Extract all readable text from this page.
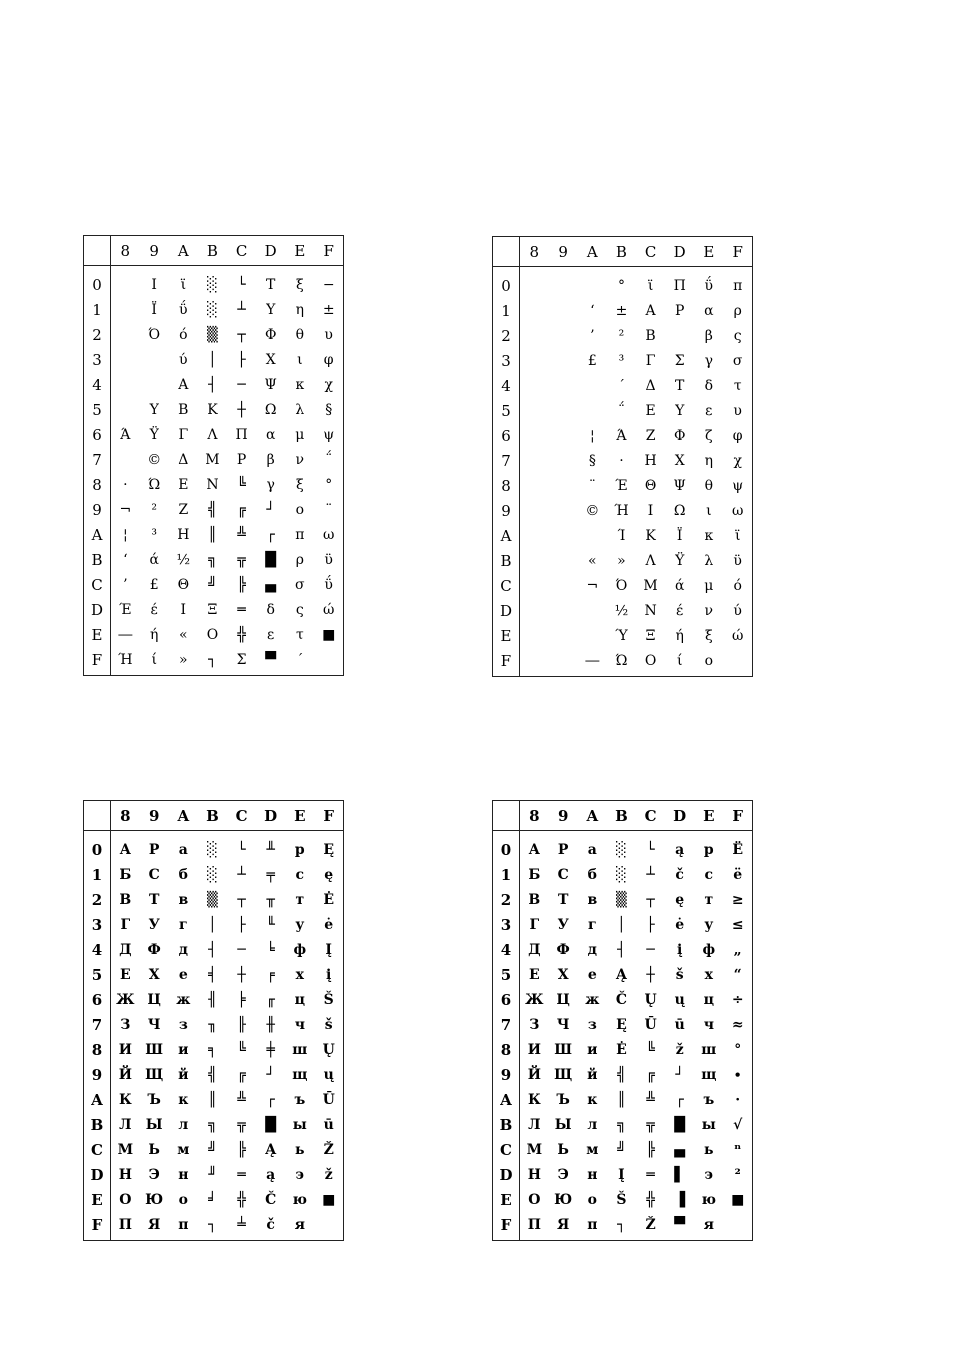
	8	9	A	B	C	D	E	F
0		Ι	ϊ	░	└	Τ	ξ	−
1		Ϊ	ΰ	░	┴	Υ	η	±
2		Ό	ό	▒	┬	Φ	θ	υ
3			ύ	│	├	Χ	ι	φ
4			Α	┤	─	Ψ	κ	χ
5		Υ	Β	Κ	┼	Ω	λ	§
6	Ά	Ϋ	Γ	Λ	Π	α	μ	ψ
7		©	Δ	Μ	Ρ	β	ν	΅
8	·	Ώ	Ε	Ν	╚	γ	ξ	°
9	¬	²	Ζ	╣	╔	┘	ο	¨
A	¦	³	Η	║	╩	┌	π	ω
B	‘	ά	½	╗	╦	█	ρ	ϋ
C	’	£	Θ	╝	╠	▄	σ	ΰ
D	Έ	έ	Ι	Ξ	═	δ	ς	ώ
E	―	ή	«	Ο	╬	ε	τ	■
F	Ή	ί	»	┐	Σ	▀	΄	
	8	9	A	B	C	D	E	F
0				°	ϊ	Π	ΰ	π
1			‘	±	Α	Ρ	α	ρ
2			’	²	Β		β	ς
3			£	³	Γ	Σ	γ	σ
4				΄	Δ	Τ	δ	τ
5				΅	Ε	Υ	ε	υ
6			¦	Ά	Ζ	Φ	ζ	φ
7			§	·	Η	Χ	η	χ
8			¨	Έ	Θ	Ψ	θ	ψ
9			©	Ή	Ι	Ω	ι	ω
A				Ί	Κ	Ϊ	κ	ϊ
B			«	»	Λ	Ϋ	λ	ϋ
C			¬	Ό	Μ	ά	μ	ό
D				½	Ν	έ	ν	ύ
E				Ύ	Ξ	ή	ξ	ώ
F			―	Ώ	Ο	ί	ο	
	8	9	A	B	C	D	E	F
0	А	Р	а	░	└	╨	р	Ę
1	Б	С	б	░	┴	╤	с	ę
2	В	Т	в	▒	┬	╥	т	Ė
3	Г	У	г	│	├	╙	у	ė
4	Д	Ф	д	┤	─	╘	ф	Į
5	Е	Х	е	╡	┼	╒	х	į
6	Ж	Ц	ж	╢	╞	╓	ц	Š
7	З	Ч	з	╖	╟	╫	ч	š
8	И	Ш	и	╕	╚	╪	ш	Ų
9	Й	Щ	й	╣	╔	┘	щ	ų
A	К	Ъ	к	║	╩	┌	ъ	Ū
B	Л	Ы	л	╗	╦	█	ы	ū
C	М	Ь	м	╝	╠	Ą	ь	Ž
D	Н	Э	н	╜	═	ą	э	ž
E	О	Ю	о	╛	╬	Č	ю	■
F	П	Я	п	┐	╧	č	я	
	8	9	A	B	C	D	E	F
0	А	Р	а	░	└	ą	р	Ё
1	Б	С	б	░	┴	č	с	ё
2	В	Т	в	▒	┬	ę	т	≥
3	Г	У	г	│	├	ė	у	≤
4	Д	Ф	д	┤	─	į	ф	„
5	Е	Х	е	Ą	┼	š	х	“
6	Ж	Ц	ж	Č	Ų	ų	ц	÷
7	З	Ч	з	Ę	Ū	ū	ч	≈
8	И	Ш	и	Ė	╚	ž	ш	°
9	Й	Щ	й	╣	╔	┘	щ	∙
A	К	Ъ	к	║	╩	┌	ъ	·
B	Л	Ы	л	╗	╦	█	ы	√
C	М	Ь	м	╝	╠	▄	ь	ⁿ
D	Н	Э	н	Į	═	▌	э	²
E	О	Ю	о	Š	╬	▐	ю	■
F	П	Я	п	┐	Ž	▀	я	
